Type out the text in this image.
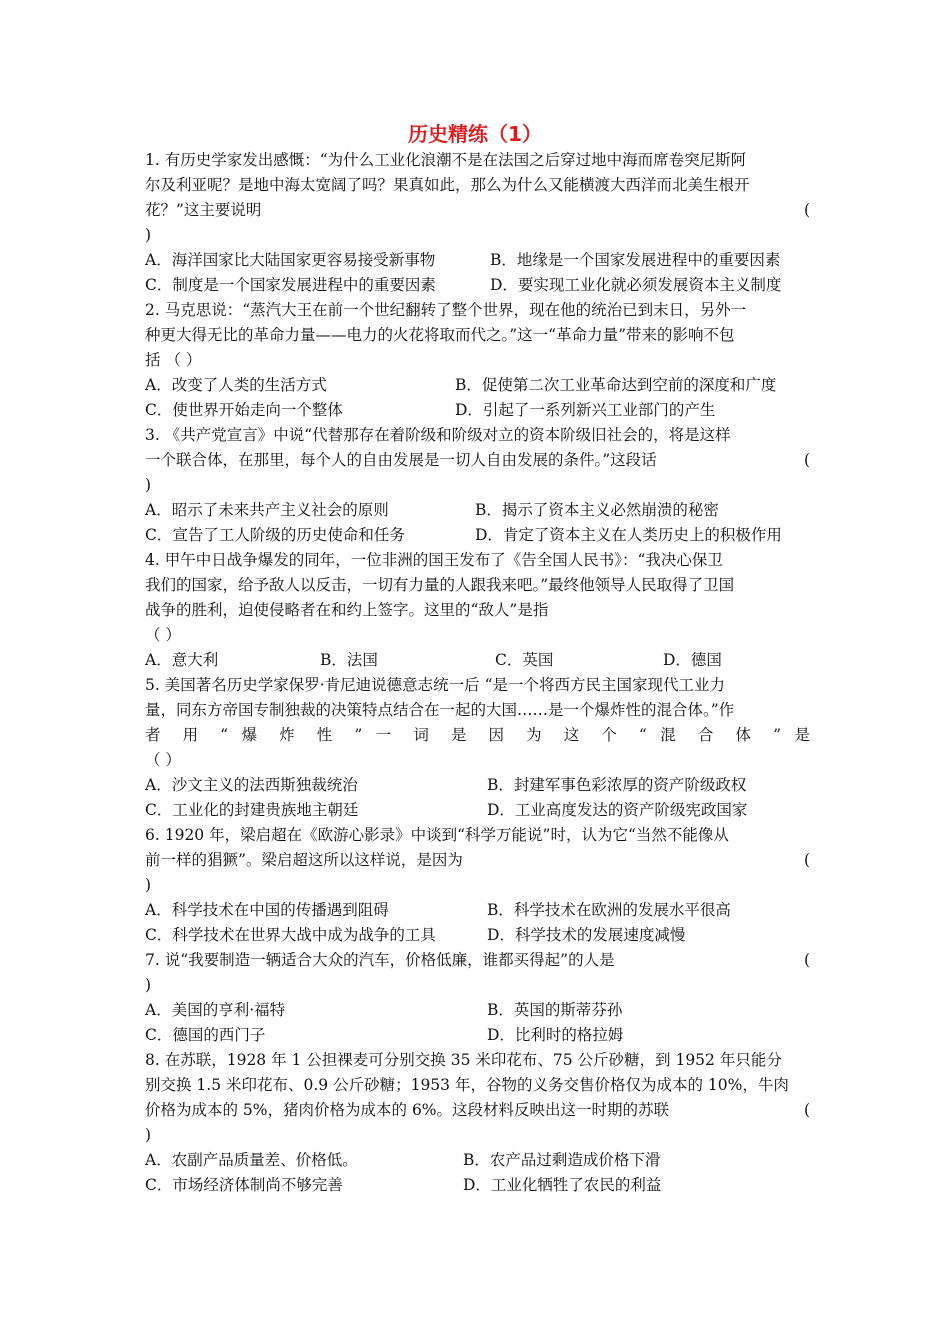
历史精练（1）
1. 有历史学家发出感慨：“为什么工业化浪潮不是在法国之后穿过地中海而席卷突尼斯阿
尔及利亚呢？是地中海太宽阔了吗？果真如此，那么为什么又能横渡大西洋而北美生根开
花？”这主要说明	(
)
A．海洋国家比大陆国家更容易接受新事物	B．地缘是一个国家发展进程中的重要因素
C．制度是一个国家发展进程中的重要因素	D．要实现工业化就必须发展资本主义制度
2. 马克思说：“蒸汽大王在前一个世纪翻转了整个世界，现在他的统治已到末日，另外一
种更大得无比的革命力量——电力的火花将取而代之。”这一“革命力量”带来的影响不包
括 （ ）
A．改变了人类的生活方式	B．促使第二次工业革命达到空前的深度和广度
C．使世界开始走向一个整体	D．引起了一系列新兴工业部门的产生
3. 《共产党宣言》中说“代替那存在着阶级和阶级对立的资本阶级旧社会的，将是这样
一个联合体，在那里，每个人的自由发展是一切人自由发展的条件。”这段话	(
)
A．昭示了未来共产主义社会的原则	B．揭示了资本主义必然崩溃的秘密
C．宣告了工人阶级的历史使命和任务	D．肯定了资本主义在人类历史上的积极作用
4. 甲午中日战争爆发的同年，一位非洲的国王发布了《告全国人民书》：“我决心保卫
我们的国家，给予敌人以反击，一切有力量的人跟我来吧。”最终他领导人民取得了卫国
战争的胜利，迫使侵略者在和约上签字。这里的“敌人”是指
（ ）
A．意大利	B．法国	C．英国	D．德国
5. 美国著名历史学家保罗·肯尼迪说德意志统一后 “是一个将西方民主国家现代工业力
量，同东方帝国专制独裁的决策特点结合在一起的大国……是一个爆炸性的混合体。”作
者 用 “ 爆 炸 性 ” 一 词 是 因 为 这 个 “ 混 合 体 ” 是
（ ）
A．沙文主义的法西斯独裁统治	B．封建军事色彩浓厚的资产阶级政权
C．工业化的封建贵族地主朝廷	D．工业高度发达的资产阶级宪政国家
6. 1920 年，梁启超在《欧游心影录》中谈到“科学万能说”时，认为它“当然不能像从
前一样的猖獗”。梁启超这所以这样说，是因为	(
)
A．科学技术在中国的传播遇到阻碍	B．科学技术在欧洲的发展水平很高
C．科学技术在世界大战中成为战争的工具	D．科学技术的发展速度减慢
7. 说“我要制造一辆适合大众的汽车，价格低廉，谁都买得起”的人是	(
)
A．美国的亨利·福特	B．英国的斯蒂芬孙
C．德国的西门子	D．比利时的格拉姆
8. 在苏联，1928 年 1 公担裸麦可分别交换 35 米印花布、75 公斤砂糖，到 1952 年只能分
别交换 1.5 米印花布、0.9 公斤砂糖；1953 年，谷物的义务交售价格仅为成本的 10%，牛肉
价格为成本的 5%，猪肉价格为成本的 6%。这段材料反映出这一时期的苏联	(
)
A．农副产品质量差、价格低。	B．农产品过剩造成价格下滑
C．市场经济体制尚不够完善	D．工业化牺牲了农民的利益
